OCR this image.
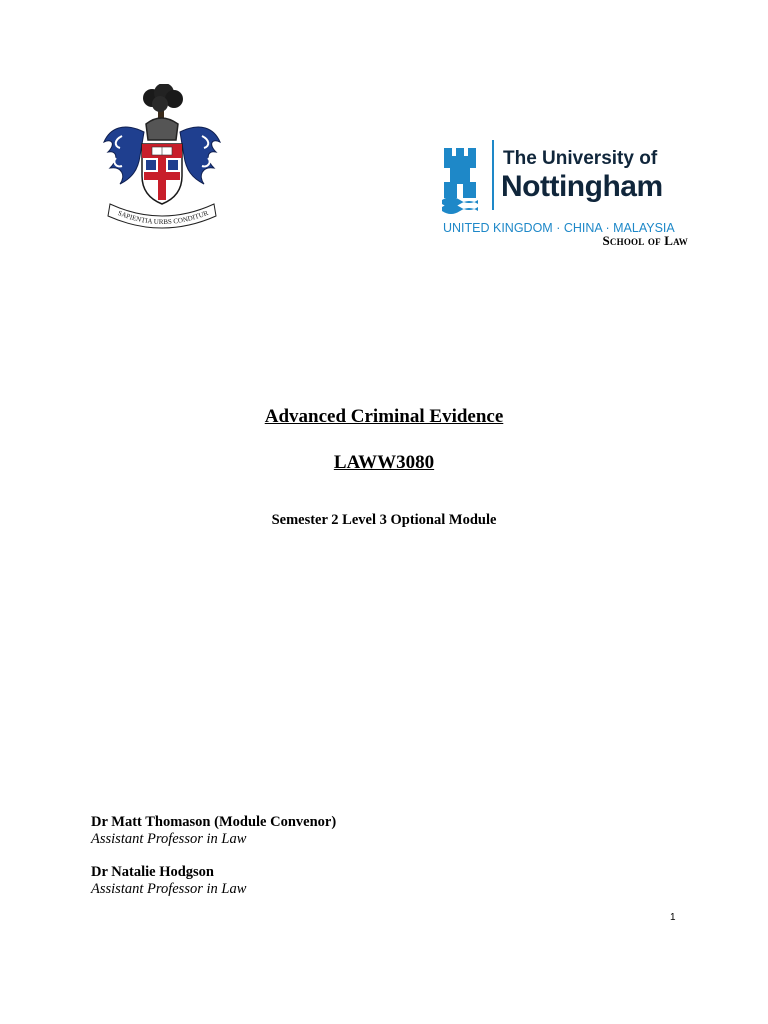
SAPIENTIA URBS CONDITUR
The University of
Nottingham
UNITED KINGDOM · CHINA · MALAYSIA
School of Law
Advanced Criminal Evidence
LAWW3080
Semester 2 Level 3 Optional Module
Dr Matt Thomason (Module Convenor)
Assistant Professor in Law
Dr Natalie Hodgson
Assistant Professor in Law
1
